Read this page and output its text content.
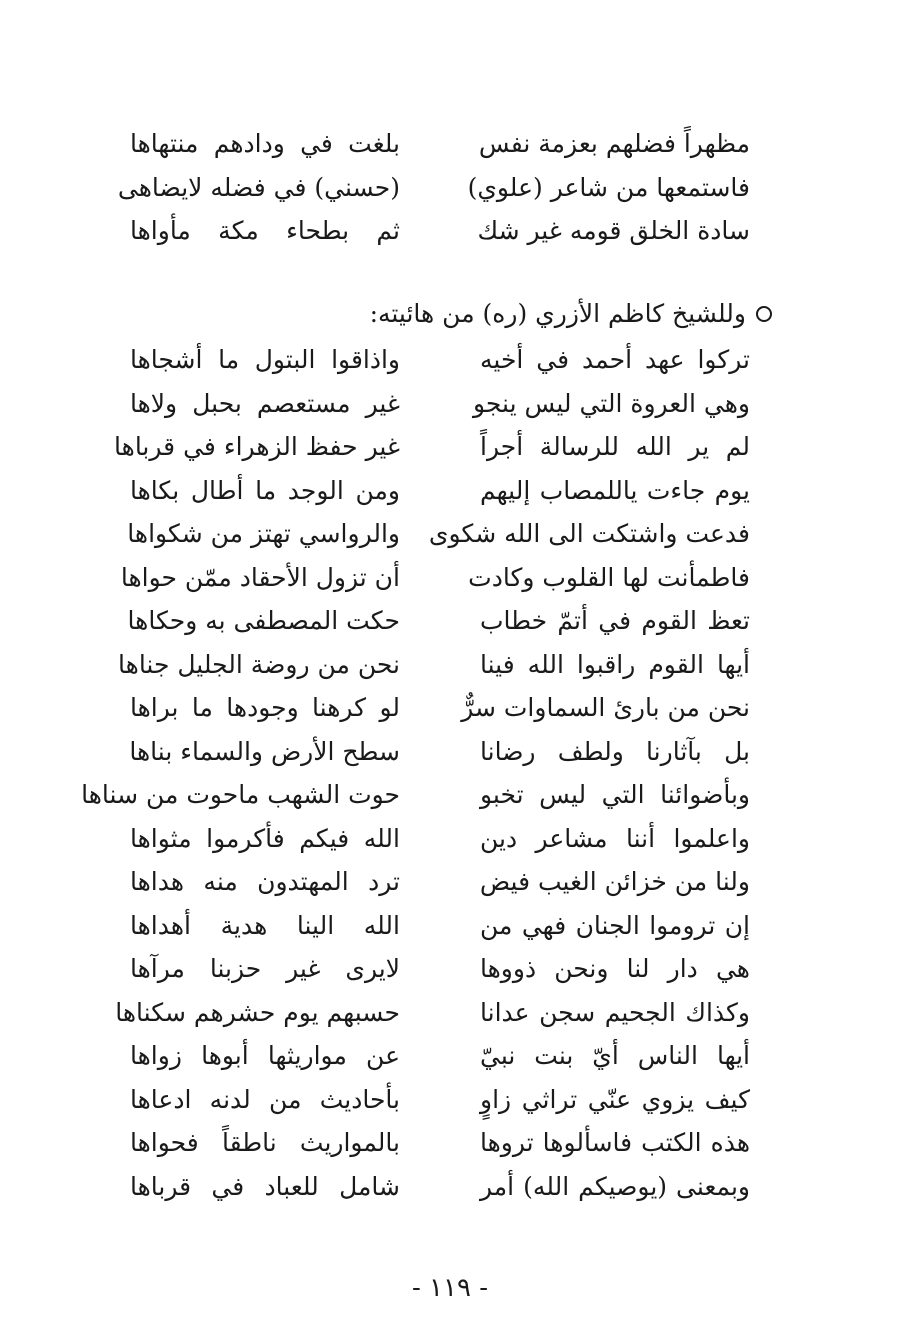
مظهراً فضلهم بعزمة نفس
بلغت في ودادهم منتهاها
فاستمعها من شاعر (علوي)
(حسني) في فضله لايضاهى
سادة الخلق قومه غير شك
ثم بطحاء مكة مأواها
وللشيخ كاظم الأزري (ره) من هائيته:
تركوا عهد أحمد في أخيه
واذاقوا البتول ما أشجاها
وهي العروة التي ليس ينجو
غير مستعصم بحبل ولاها
لم ير الله للرسالة أجراً
غير حفظ الزهراء في قرباها
يوم جاءت ياللمصاب إليهم
ومن الوجد ما أطال بكاها
فدعت واشتكت الى الله شكوى
والرواسي تهتز من شكواها
فاطمأنت لها القلوب وكادت
أن تزول الأحقاد ممّن حواها
تعظ القوم في أتمّ خطاب
حكت المصطفى به وحكاها
أيها القوم راقبوا الله فينا
نحن من روضة الجليل جناها
نحن من بارئ السماوات سرٌّ
لو كرهنا وجودها ما براها
بل بآثارنا ولطف رضانا
سطح الأرض والسماء بناها
وبأضوائنا التي ليس تخبو
حوت الشهب ماحوت من سناها
واعلموا أننا مشاعر دين
الله فيكم فأكرموا مثواها
ولنا من خزائن الغيب فيض
ترد المهتدون منه هداها
إن تروموا الجنان فهي من
الله الينا هدية أهداها
هي دار لنا ونحن ذووها
لايرى غير حزبنا مرآها
وكذاك الجحيم سجن عدانا
حسبهم يوم حشرهم سكناها
أيها الناس أيّ بنت نبيّ
عن مواريثها أبوها زواها
كيف يزوي عنّي تراثي زاوٍ
بأحاديث من لدنه ادعاها
هذه الكتب فاسألوها تروها
بالمواريث ناطقاً فحواها
وبمعنى (يوصيكم الله) أمر
شامل للعباد في قرباها
- ١١٩ -
